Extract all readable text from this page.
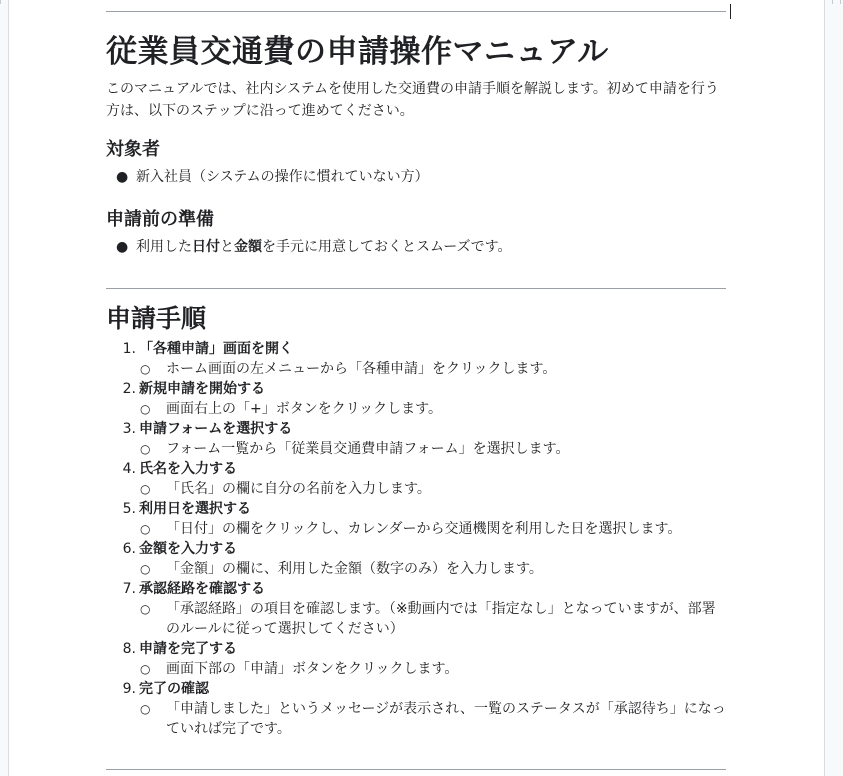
従業員交通費の申請操作マニュアル

このマニュアルでは、社内システムを使用した交通費の申請手順を解説します。初めて申請を行う方は、以下のステップに沿って進めてください。

対象者
● 新入社員（システムの操作に慣れていない方）
申請前の準備
● 利用した日付と金額を手元に用意しておくとスムーズです。
申請手順
1. 「各種申請」画面を開く
○ ホーム画面の左メニューから「各種申請」をクリックします。
2. 新規申請を開始する
○ 画面右上の「+」ボタンをクリックします。
3. 申請フォームを選択する
○ フォーム一覧から「従業員交通費申請フォーム」を選択します。
4. 氏名を入力する
○ 「氏名」の欄に自分の名前を入力します。
5. 利用日を選択する
○ 「日付」の欄をクリックし、カレンダーから交通機関を利用した日を選択します。
6. 金額を入力する
○ 「金額」の欄に、利用した金額（数字のみ）を入力します。
7. 承認経路を確認する
○ 「承認経路」の項目を確認します。（※動画内では「指定なし」となっていますが、部署のルールに従って選択してください）
8. 申請を完了する
○ 画面下部の「申請」ボタンをクリックします。
9. 完了の確認
○ 「申請しました」というメッセージが表示され、一覧のステータスが「承認待ち」になっていれば完了です。
